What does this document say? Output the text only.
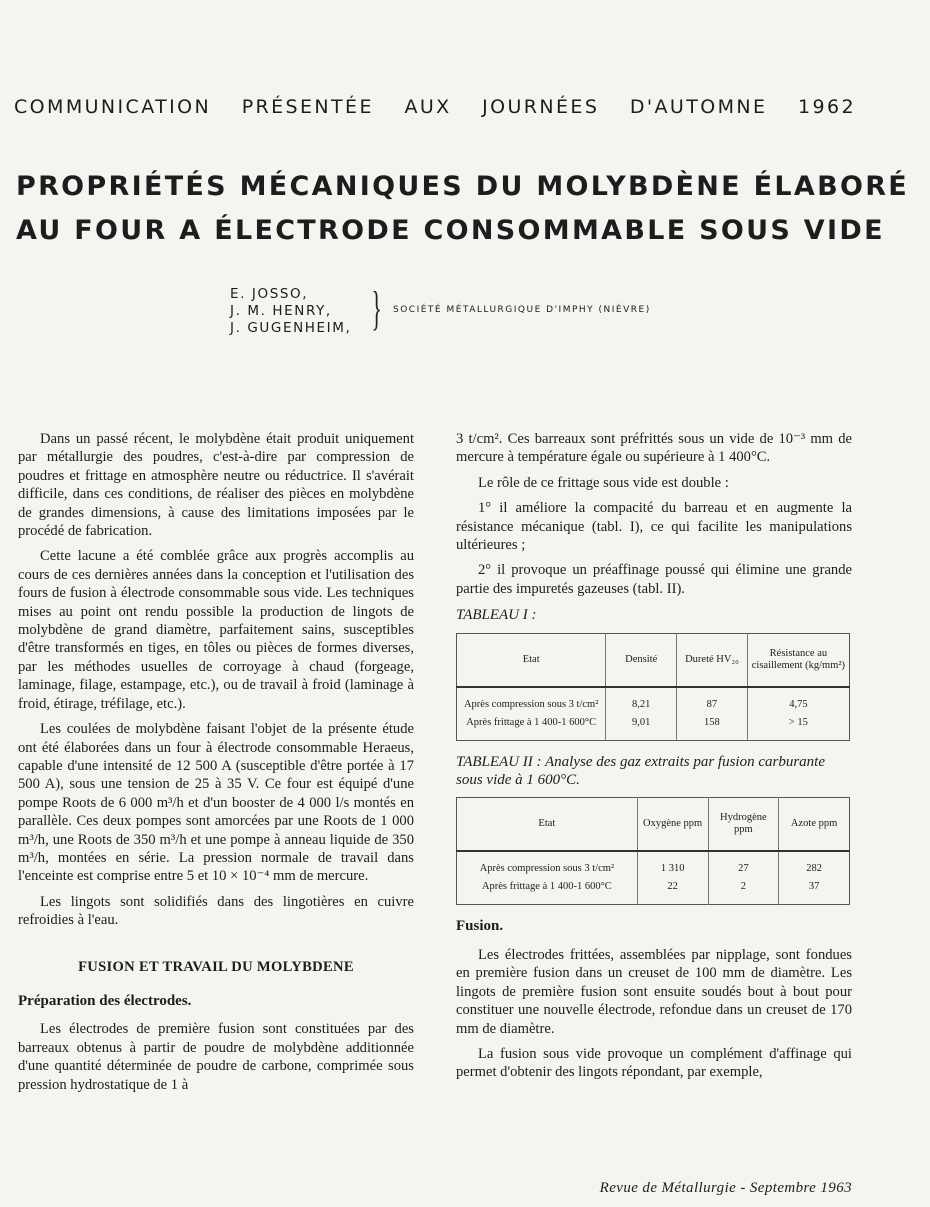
COMMUNICATION PRÉSENTÉE AUX JOURNÉES D'AUTOMNE 1962
PROPRIÉTÉS MÉCANIQUES DU MOLYBDÈNE ÉLABORÉ
AU FOUR A ÉLECTRODE CONSOMMABLE SOUS VIDE
E. JOSSO,
J. M. HENRY,
J. GUGENHEIM, } SOCIÉTÉ MÉTALLURGIQUE D'IMPHY (NIÈVRE)

Dans un passé récent, le molybdène était produit uniquement par métallurgie des poudres, c'est-à-dire par compression de poudres et frittage en atmosphère neutre ou réductrice. Il s'avérait difficile, dans ces conditions, de réaliser des pièces en molybdène de grandes dimensions, à cause des limitations imposées par le procédé de fabrication.

Cette lacune a été comblée grâce aux progrès accomplis au cours de ces dernières années dans la conception et l'utilisation des fours de fusion à électrode consommable sous vide. Les techniques mises au point ont rendu possible la production de lingots de molybdène de grand diamètre, parfaitement sains, susceptibles d'être transformés en tiges, en tôles ou pièces de formes diverses, par les méthodes usuelles de corroyage à chaud (forgeage, laminage, filage, estampage, etc.), ou de travail à froid (laminage à froid, étirage, tréfilage, etc.).

Les coulées de molybdène faisant l'objet de la présente étude ont été élaborées dans un four à électrode consommable Heraeus, capable d'une intensité de 12 500 A (susceptible d'être portée à 17 500 A), sous une tension de 25 à 35 V. Ce four est équipé d'une pompe Roots de 6 000 m³/h et d'un booster de 4 000 l/s montés en parallèle. Ces deux pompes sont amorcées par une Roots de 1 000 m³/h, une Roots de 350 m³/h et une pompe à anneau liquide de 350 m³/h, montées en série. La pression normale de travail dans l'enceinte est comprise entre 5 et 10 × 10⁻⁴ mm de mercure.

Les lingots sont solidifiés dans des lingotières en cuivre refroidies à l'eau.

FUSION ET TRAVAIL DU MOLYBDENE
Préparation des électrodes.

Les électrodes de première fusion sont constituées par des barreaux obtenus à partir de poudre de molybdène additionnée d'une quantité déterminée de poudre de carbone, comprimée sous pression hydrostatique de 1 à

3 t/cm². Ces barreaux sont préfrittés sous un vide de 10⁻³ mm de mercure à température égale ou supérieure à 1 400°C.

Le rôle de ce frittage sous vide est double :

1° il améliore la compacité du barreau et en augmente la résistance mécanique (tabl. I), ce qui facilite les manipulations ultérieures ;

2° il provoque un préaffinage poussé qui élimine une grande partie des impuretés gazeuses (tabl. II).

TABLEAU I :
Etat	Densité	Dureté HV₂₀	Résistance au cisaillement (kg/mm²)

Après compression sous 3 t/cm²	8,21	87	4,75
Après frittage à 1 400-1 600°C	9,01	158	> 15

TABLEAU II : Analyse des gaz extraits par fusion carburante sous vide à 1 600°C.
Etat	Oxygène ppm	Hydrogène ppm	Azote ppm

Après compression sous 3 t/cm²	1 310	27	282
Après frittage à 1 400-1 600°C	22	2	37

Fusion.

Les électrodes frittées, assemblées par nipplage, sont fondues en première fusion dans un creuset de 100 mm de diamètre. Les lingots de première fusion sont ensuite soudés bout à bout pour constituer une nouvelle électrode, refondue dans un creuset de 170 mm de diamètre.

La fusion sous vide provoque un complément d'affinage qui permet d'obtenir des lingots répondant, par exemple,

Revue de Métallurgie - Septembre 1963
